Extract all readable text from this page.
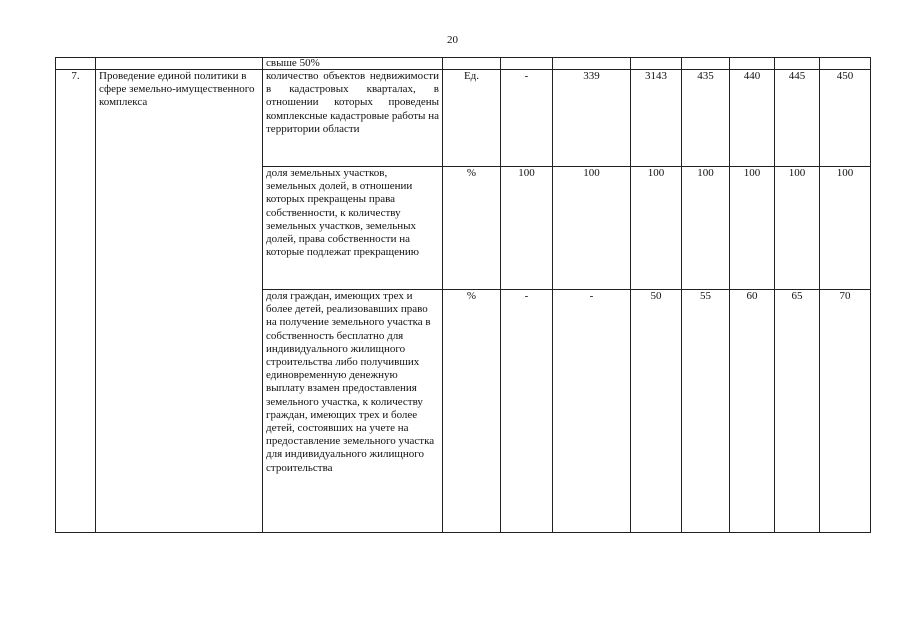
20
		свыше 50%								
7.	Проведение единой политики в сфере земельно-имущественного комплекса	количество объектов недвижимости в кадастровых кварталах, в отношении которых проведены комплексные кадастровые работы на территории области	Ед.	-	339	3143	435	440	445	450
		доля земельных участков, земельных долей, в отношении которых прекращены права собственности, к количеству земельных участков, земельных долей, права собственности на которые подлежат прекращению	%	100	100	100	100	100	100	100
		доля граждан, имеющих трех и более детей, реализовавших право на получение земельного участка в собственность бесплатно для индивидуального жилищного строительства либо получивших единовременную денежную выплату взамен предоставления земельного участка, к количеству граждан, имеющих трех и более детей, состоявших на учете на предоставление земельного участка для индивидуального жилищного строительства	%	-	-	50	55	60	65	70
